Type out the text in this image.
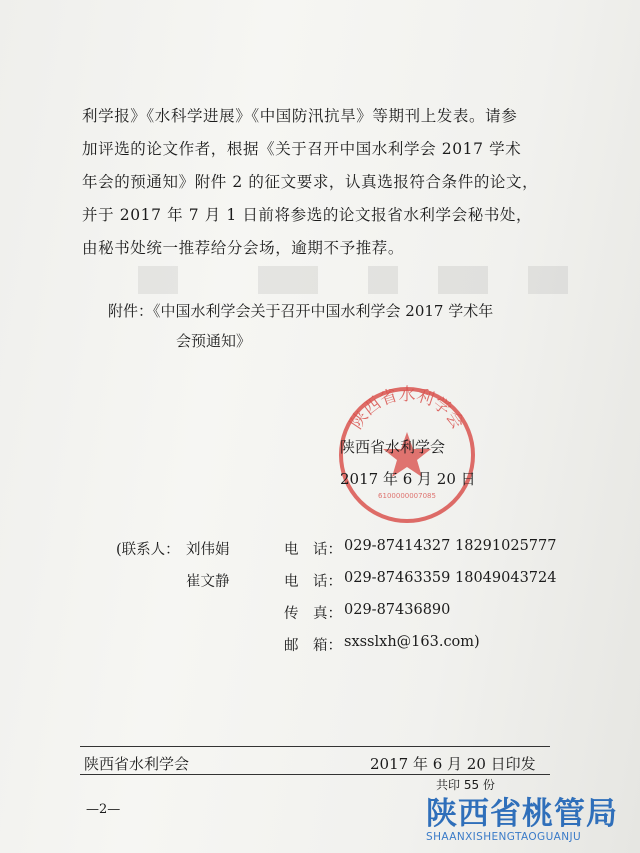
利学报》《水科学进展》《中国防汛抗旱》等期刊上发表。请参
加评选的论文作者，根据《关于召开中国水利学会 2017 学术
年会的预通知》附件 2 的征文要求，认真选报符合条件的论文，
并于 2017 年 7 月 1 日前将参选的论文报省水利学会秘书处，
由秘书处统一推荐给分会场，逾期不予推荐。
附件：《中国水利学会关于召开中国水利学会 2017 学术年
会预通知》
陕西省水利学会
6100000007085
陕西省水利学会
2017 年 6 月 20 日
(联系人： 刘伟娟
崔文静
电　话： 029-87414327 18291025777
电　话： 029-87463359 18049043724
传　真： 029-87436890
邮　箱： sxsslxh@163.com)
陕西省水利学会	2017 年 6 月 20 日印发
共印 55 份
—2—	陕西省桃管局
SHAANXISHENGTAOGUANJU
